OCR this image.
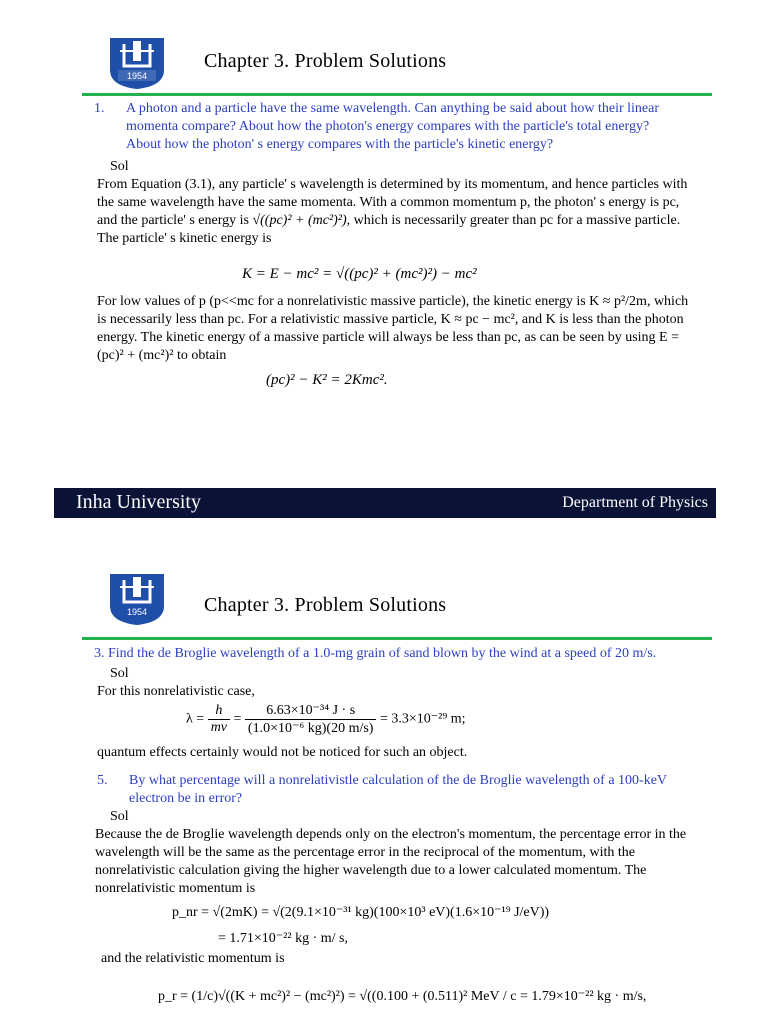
1954
Chapter 3. Problem Solutions
1. A photon and a particle have the same wavelength. Can anything be said about how their linear momenta compare? About how the photon's energy compares with the particle's total energy? About how the photon' s energy compares with the particle's kinetic energy?
Sol
From Equation (3.1), any particle' s wavelength is determined by its momentum, and hence particles with the same wavelength have the same momenta. With a common momentum p, the photon' s energy is pc, and the particle' s energy is √((pc)² + (mc²)²), which is necessarily greater than pc for a massive particle. The particle' s kinetic energy is
K = E − mc² = √((pc)² + (mc²)²) − mc²
For low values of p (p<<mc for a nonrelativistic massive particle), the kinetic energy is K ≈ p²/2m, which is necessarily less than pc. For a relativistic massive particle, K ≈ pc − mc², and K is less than the photon energy. The kinetic energy of a massive particle will always be less than pc, as can be seen by using E = (pc)² + (mc²)² to obtain
(pc)² − K² = 2Kmc².
Inha University	Department of Physics
1954	Chapter 3. Problem Solutions
3. Find the de Broglie wavelength of a 1.0-mg grain of sand blown by the wind at a speed of 20 m/s.
Sol
For this nonrelativistic case,
$\lambda = \frac{h}{mv} = \frac{\text{6.63×10⁻³⁴ J · s}}{\text{(1.0×10⁻⁶ kg)(20 m/s)}} = 3.3\times 10^{-29}$ m;
quantum effects certainly would not be noticed for such an object.
5. By what percentage will a nonrelativistle calculation of the de Broglie wavelength of a 100-keV electron be in error?
Sol
Because the de Broglie wavelength depends only on the electron's momentum, the percentage error in the wavelength will be the same as the percentage error in the reciprocal of the momentum, with the nonrelativistic calculation giving the higher wavelength due to a lower calculated momentum. The nonrelativistic momentum is
p_nr = √(2mK) = √(2(9.1×10⁻³¹ kg)(100×10³ eV)(1.6×10⁻¹⁹ J/eV))
= 1.71×10⁻²² kg · m/ s,
and the relativistic momentum is
p_r = (1/c)√((K + mc²)² − (mc²)²) = √((0.100 + (0.511)² MeV / c = 1.79×10⁻²² kg · m/s,
